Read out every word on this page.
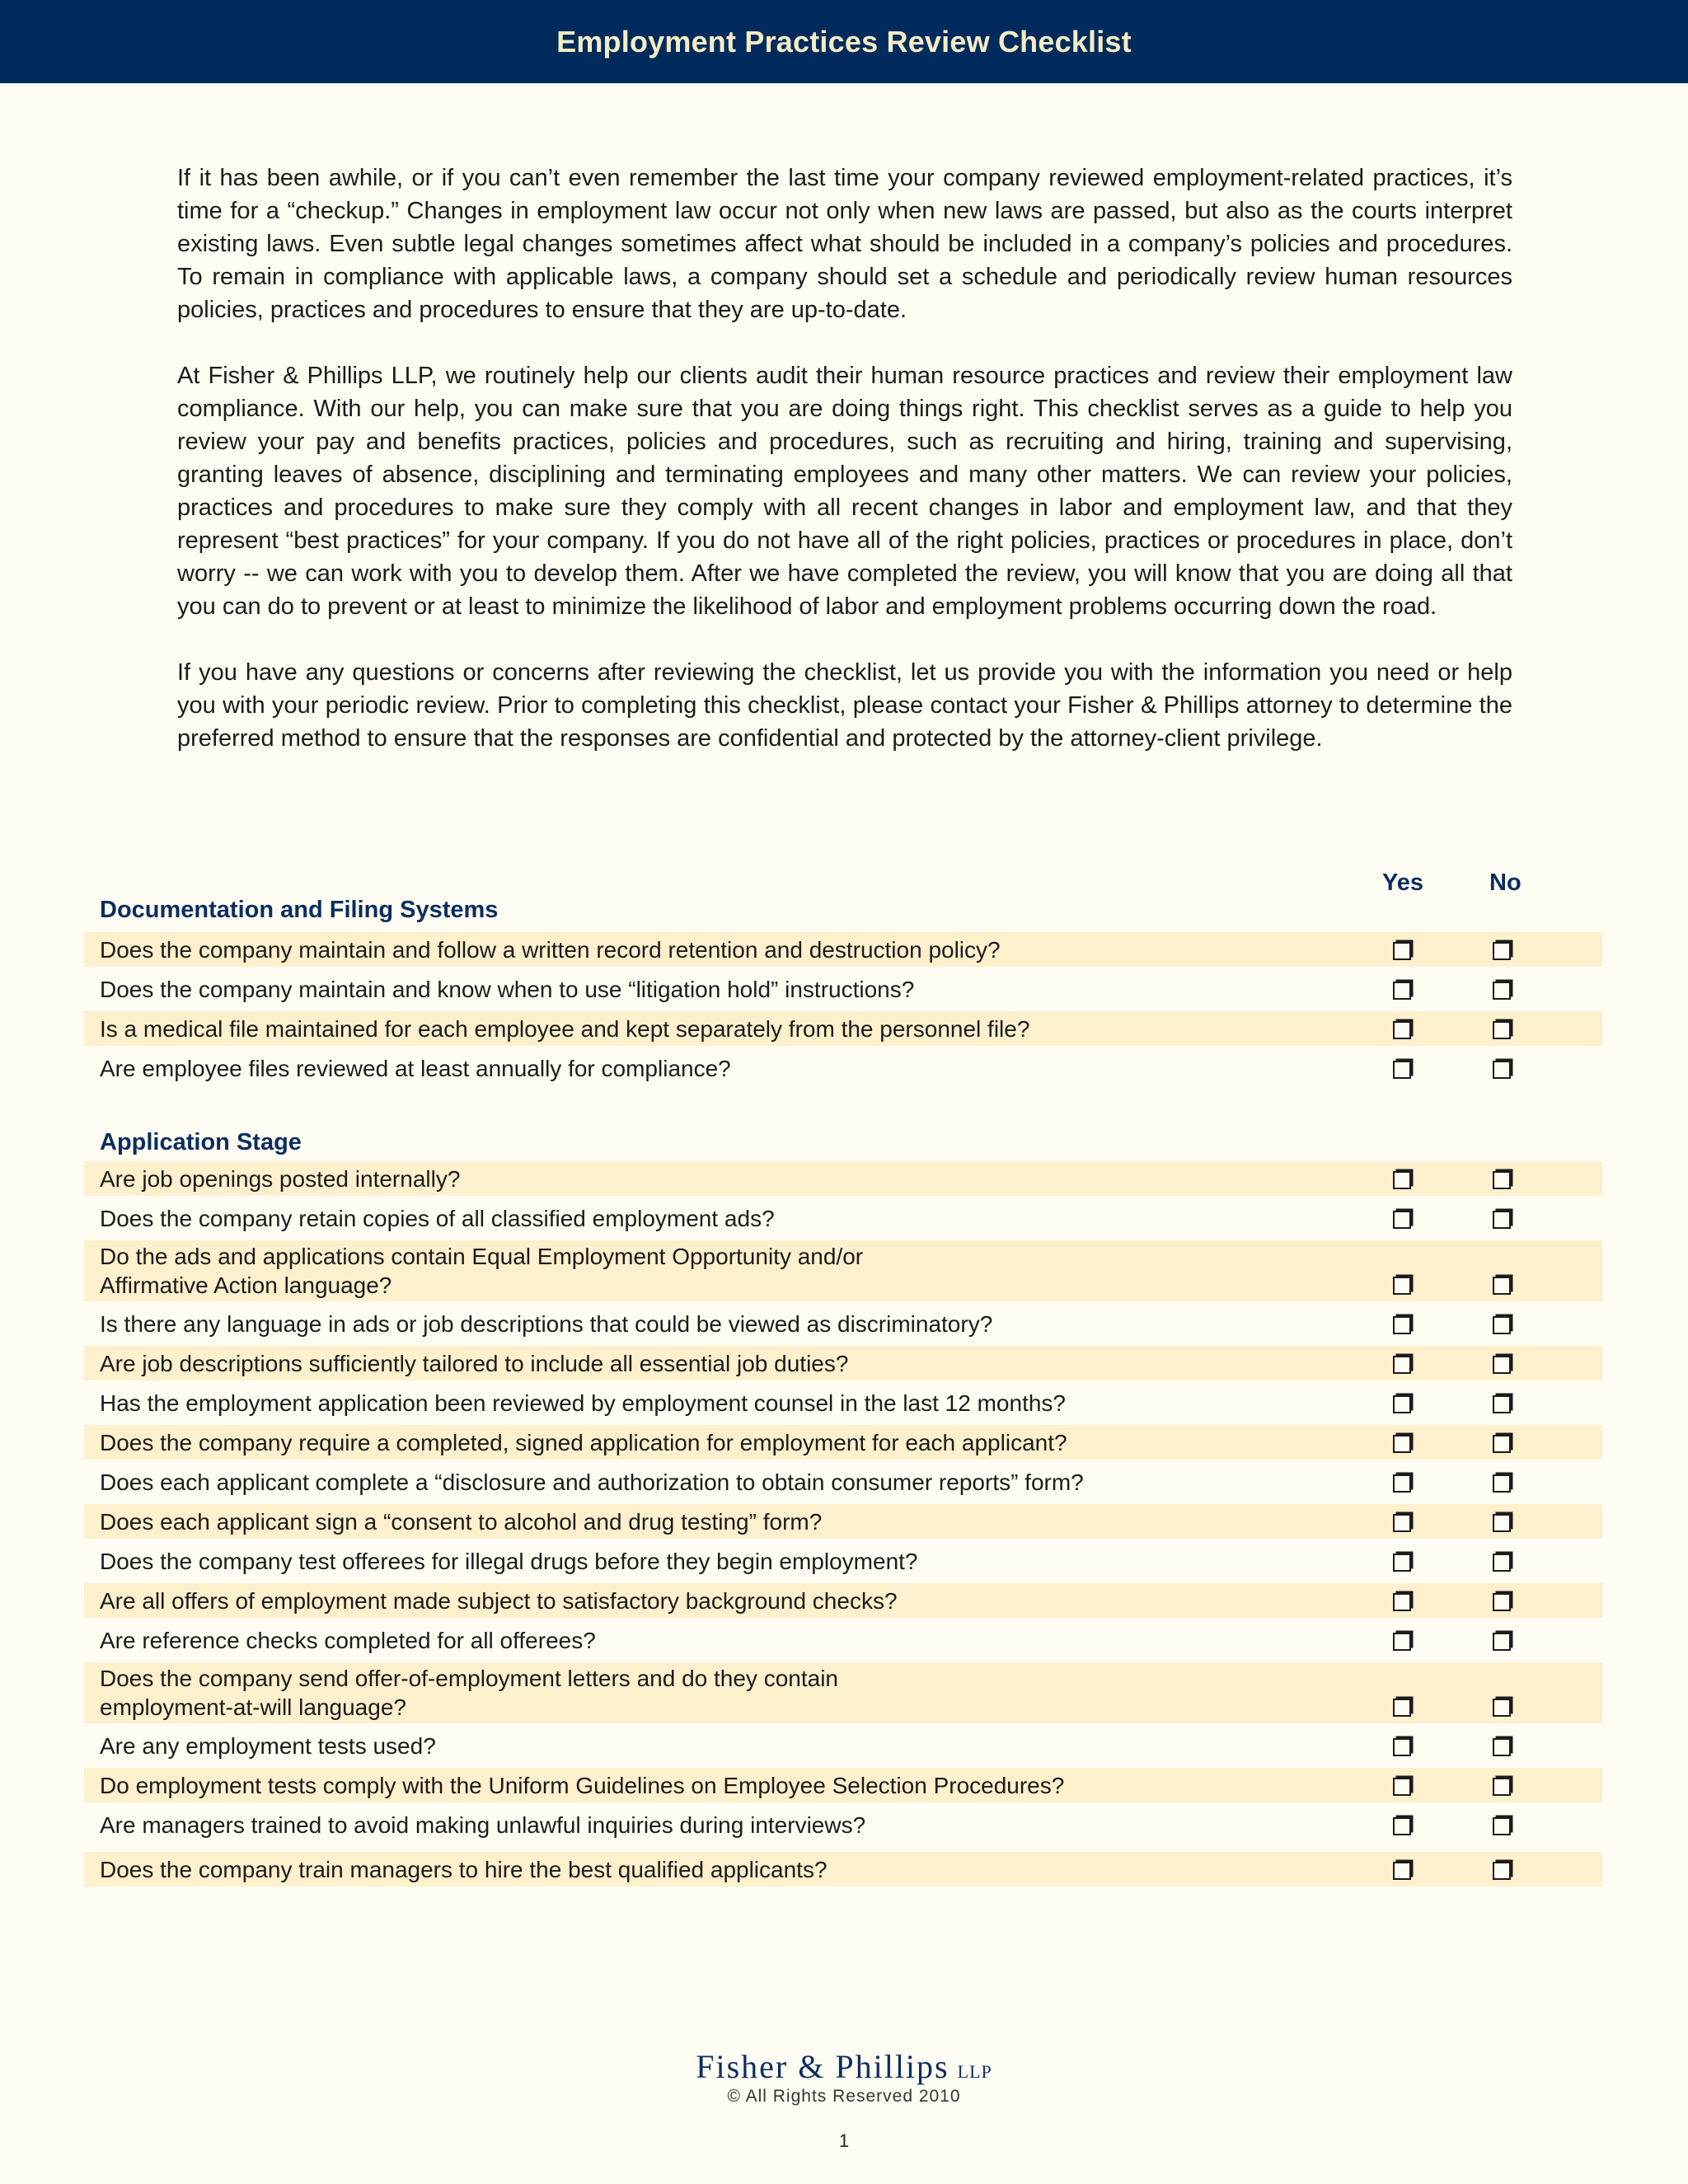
Employment Practices Review Checklist

If it has been awhile, or if you can’t even remember the last time your company reviewed employment-related practices, it’s time for a “checkup.” Changes in employment law occur not only when new laws are passed, but also as the courts interpret existing laws. Even subtle legal changes sometimes affect what should be included in a company’s policies and procedures. To remain in compliance with applicable laws, a company should set a schedule and periodically review human resources policies, practices and procedures to ensure that they are up-to-date.

At Fisher & Phillips LLP, we routinely help our clients audit their human resource practices and review their employment law compliance. With our help, you can make sure that you are doing things right. This checklist serves as a guide to help you review your pay and benefits practices, policies and procedures, such as recruiting and hiring, training and supervising, granting leaves of absence, disciplining and terminating employees and many other matters. We can review your policies, practices and procedures to make sure they comply with all recent changes in labor and employment law, and that they represent “best practices” for your company. If you do not have all of the right policies, practices or procedures in place, don’t worry -- we can work with you to develop them. After we have completed the review, you will know that you are doing all that you can do to prevent or at least to minimize the likelihood of labor and employment problems occurring down the road.

If you have any questions or concerns after reviewing the checklist, let us provide you with the information you need or help you with your periodic review. Prior to completing this checklist, please contact your Fisher & Phillips attorney to determine the preferred method to ensure that the responses are confidential and protected by the attorney-client privilege.

Yes	No
Documentation and Filing Systems
Does the company maintain and follow a written record retention and destruction policy?
Does the company maintain and know when to use “litigation hold” instructions?
Is a medical file maintained for each employee and kept separately from the personnel file?
Are employee files reviewed at least annually for compliance?
Application Stage
Are job openings posted internally?
Does the company retain copies of all classified employment ads?
Do the ads and applications contain Equal Employment Opportunity and/or Affirmative Action language?
Is there any language in ads or job descriptions that could be viewed as discriminatory?
Are job descriptions sufficiently tailored to include all essential job duties?
Has the employment application been reviewed by employment counsel in the last 12 months?
Does the company require a completed, signed application for employment for each applicant?
Does each applicant complete a “disclosure and authorization to obtain consumer reports” form?
Does each applicant sign a “consent to alcohol and drug testing” form?
Does the company test offerees for illegal drugs before they begin employment?
Are all offers of employment made subject to satisfactory background checks?
Are reference checks completed for all offerees?
Does the company send offer-of-employment letters and do they contain employment-at-will language?
Are any employment tests used?
Do employment tests comply with the Uniform Guidelines on Employee Selection Procedures?
Are managers trained to avoid making unlawful inquiries during interviews?
Does the company train managers to hire the best qualified applicants?
Fisher & Phillips LLP
© All Rights Reserved 2010
1
